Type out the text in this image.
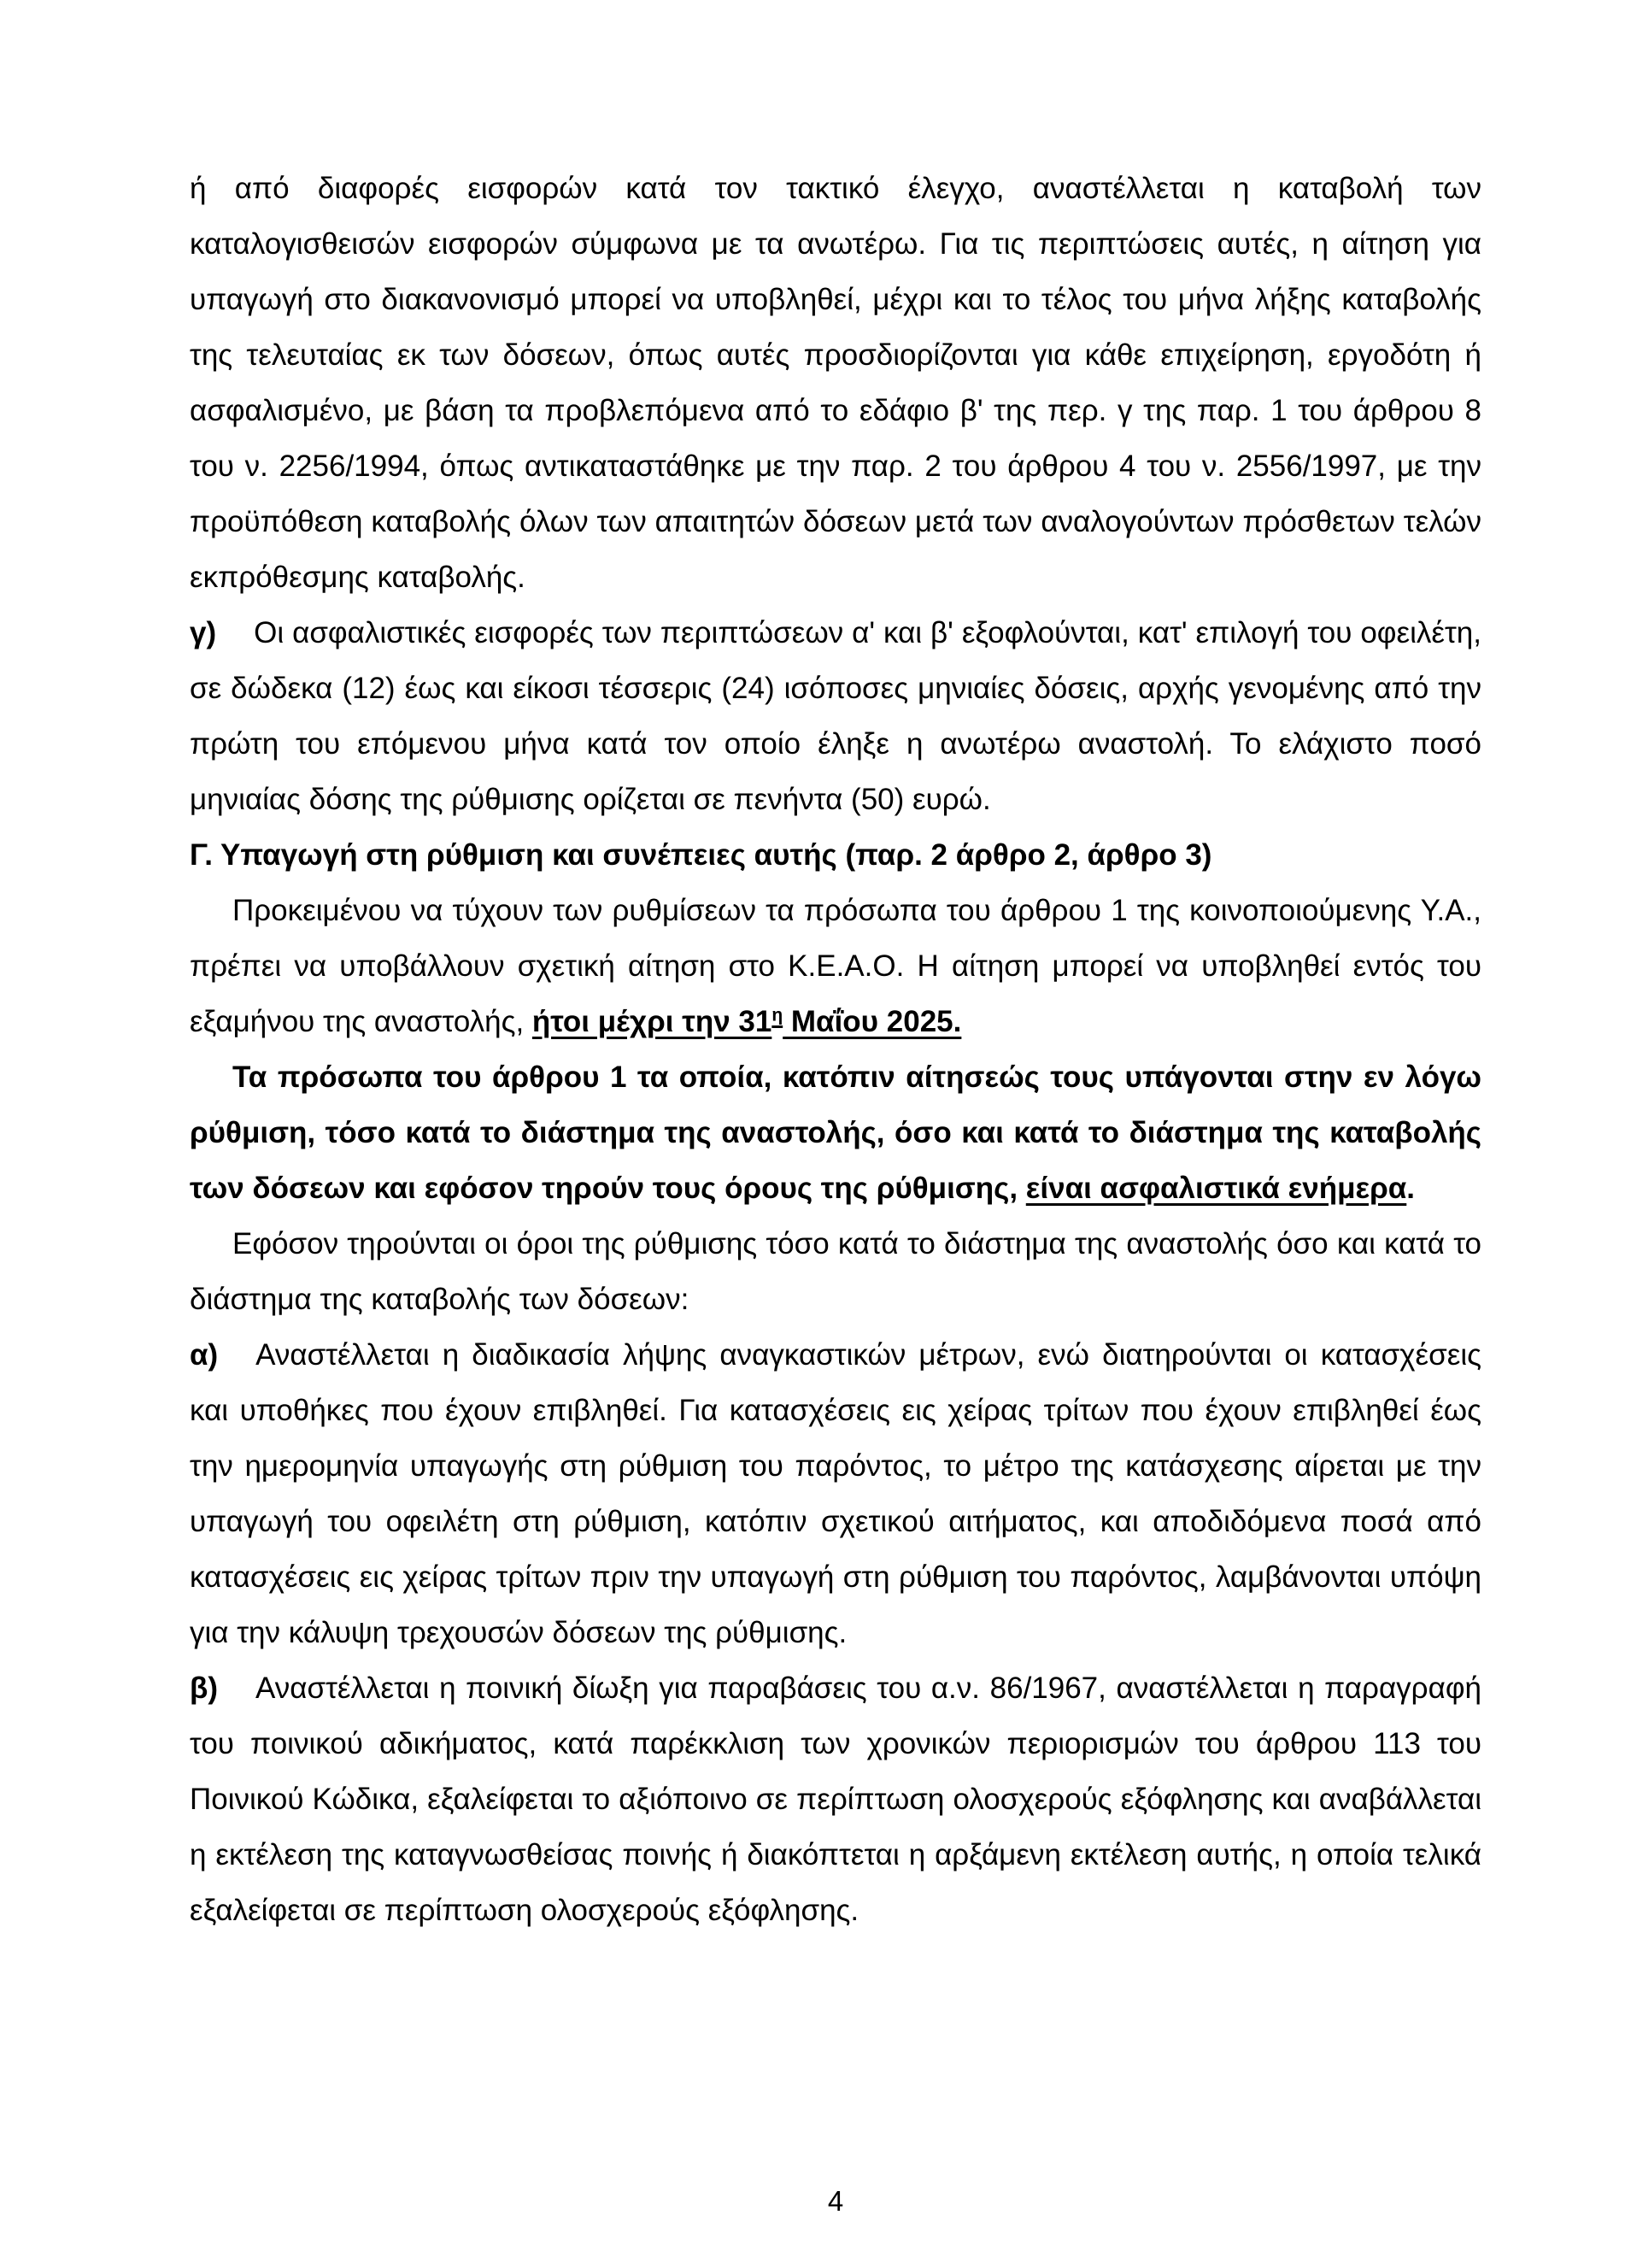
ή από διαφορές εισφορών κατά τον τακτικό έλεγχο, αναστέλλεται η καταβολή των καταλογισθεισών εισφορών σύμφωνα με τα ανωτέρω. Για τις περιπτώσεις αυτές, η αίτηση για υπαγωγή στο διακανονισμό μπορεί να υποβληθεί, μέχρι και το τέλος του μήνα λήξης καταβολής της τελευταίας εκ των δόσεων, όπως αυτές προσδιορίζονται για κάθε επιχείρηση, εργοδότη ή ασφαλισμένο, με βάση τα προβλεπόμενα από το εδάφιο β' της περ. γ της παρ. 1 του άρθρου 8 του ν. 2256/1994, όπως αντικαταστάθηκε με την παρ. 2 του άρθρου 4 του ν. 2556/1997, με την προϋπόθεση καταβολής όλων των απαιτητών δόσεων μετά των αναλογούντων πρόσθετων τελών εκπρόθεσμης καταβολής.

γ) Οι ασφαλιστικές εισφορές των περιπτώσεων α' και β' εξοφλούνται, κατ' επιλογή του οφειλέτη, σε δώδεκα (12) έως και είκοσι τέσσερις (24) ισόποσες μηνιαίες δόσεις, αρχής γενομένης από την πρώτη του επόμενου μήνα κατά τον οποίο έληξε η ανωτέρω αναστολή. Το ελάχιστο ποσό μηνιαίας δόσης της ρύθμισης ορίζεται σε πενήντα (50) ευρώ.

Γ. Υπαγωγή στη ρύθμιση και συνέπειες αυτής (παρ. 2 άρθρο 2, άρθρο 3)

Προκειμένου να τύχουν των ρυθμίσεων τα πρόσωπα του άρθρου 1 της κοινοποιούμενης Υ.Α., πρέπει να υποβάλλουν σχετική αίτηση στο Κ.Ε.Α.Ο. Η αίτηση μπορεί να υποβληθεί εντός του εξαμήνου της αναστολής, ήτοι μέχρι την $31^\eta$ Μαΐου 2025.

Τα πρόσωπα του άρθρου 1 τα οποία, κατόπιν αίτησεώς τους υπάγονται στην εν λόγω ρύθμιση, τόσο κατά το διάστημα της αναστολής, όσο και κατά το διάστημα της καταβολής των δόσεων και εφόσον τηρούν τους όρους της ρύθμισης, είναι ασφαλιστικά ενήμερα.

Εφόσον τηρούνται οι όροι της ρύθμισης τόσο κατά το διάστημα της αναστολής όσο και κατά το διάστημα της καταβολής των δόσεων:

α) Αναστέλλεται η διαδικασία λήψης αναγκαστικών μέτρων, ενώ διατηρούνται οι κατασχέσεις και υποθήκες που έχουν επιβληθεί. Για κατασχέσεις εις χείρας τρίτων που έχουν επιβληθεί έως την ημερομηνία υπαγωγής στη ρύθμιση του παρόντος, το μέτρο της κατάσχεσης αίρεται με την υπαγωγή του οφειλέτη στη ρύθμιση, κατόπιν σχετικού αιτήματος, και αποδιδόμενα ποσά από κατασχέσεις εις χείρας τρίτων πριν την υπαγωγή στη ρύθμιση του παρόντος, λαμβάνονται υπόψη για την κάλυψη τρεχουσών δόσεων της ρύθμισης.

β) Αναστέλλεται η ποινική δίωξη για παραβάσεις του α.ν. 86/1967, αναστέλλεται η παραγραφή του ποινικού αδικήματος, κατά παρέκκλιση των χρονικών περιορισμών του άρθρου 113 του Ποινικού Κώδικα, εξαλείφεται το αξιόποινο σε περίπτωση ολοσχερούς εξόφλησης και αναβάλλεται η εκτέλεση της καταγνωσθείσας ποινής ή διακόπτεται η αρξάμενη εκτέλεση αυτής, η οποία τελικά εξαλείφεται σε περίπτωση ολοσχερούς εξόφλησης.

4
